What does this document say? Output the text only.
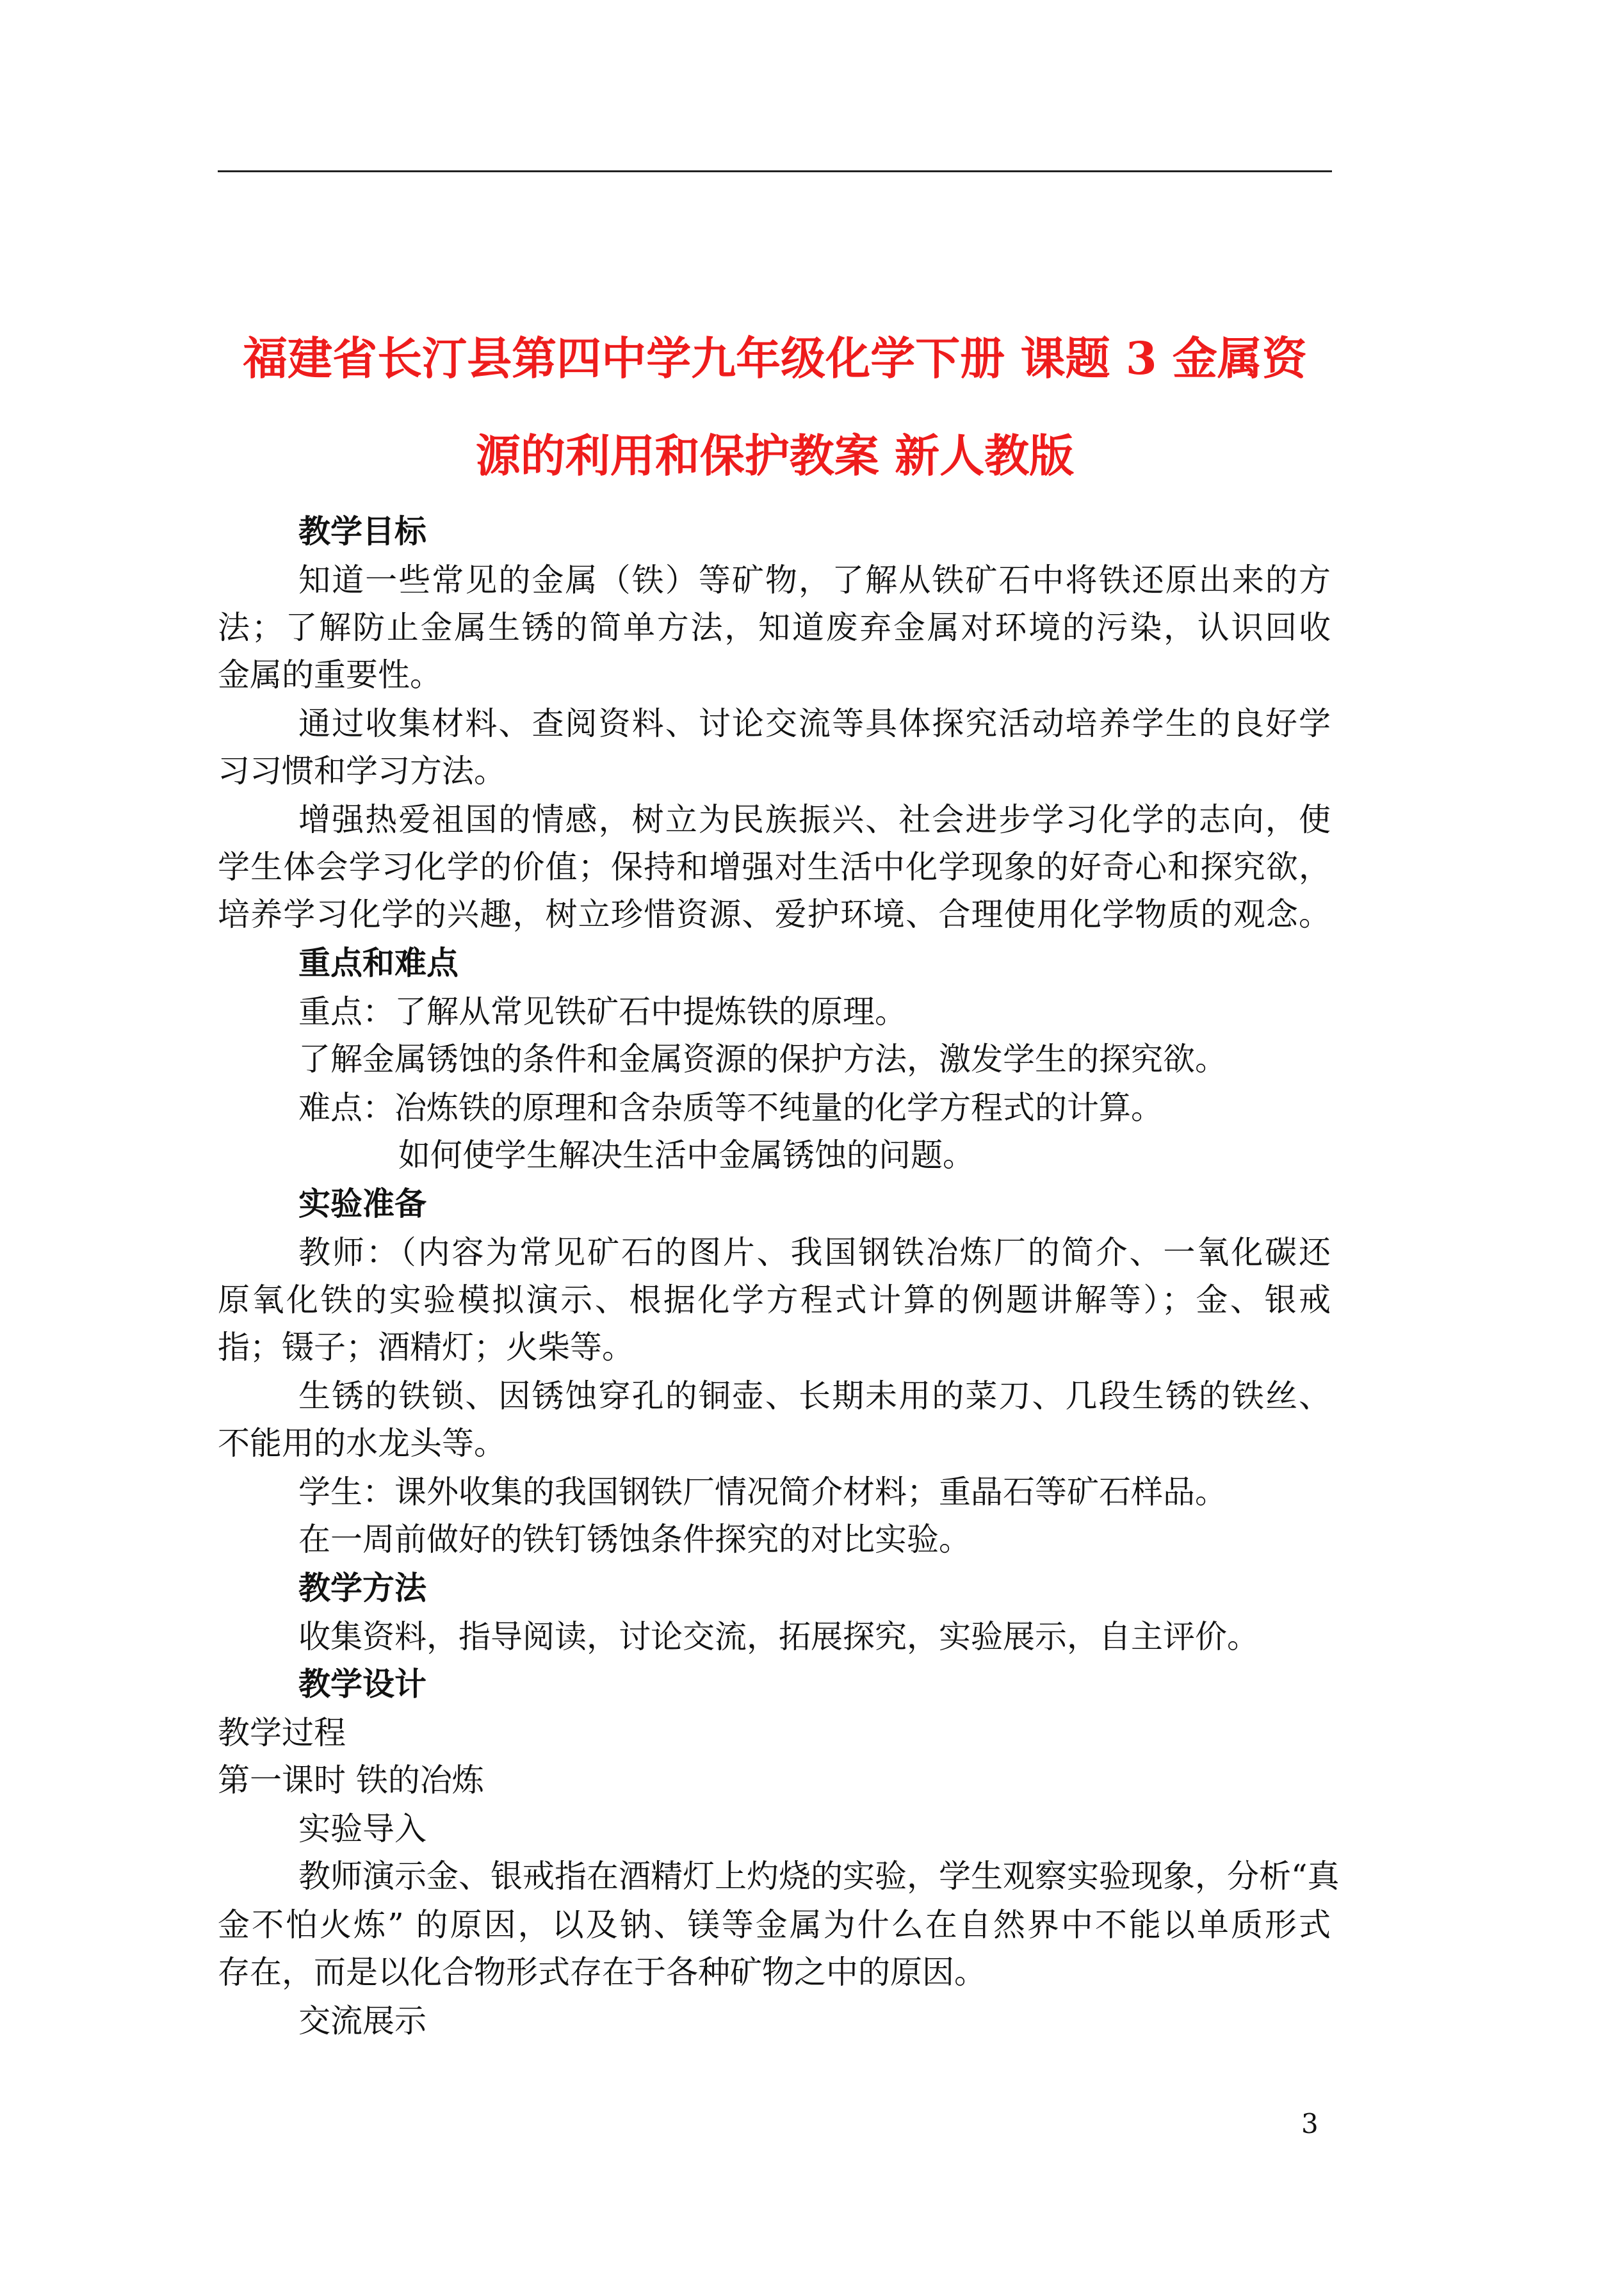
福建省长汀县第四中学九年级化学下册 课题 3 金属资
源的利用和保护教案 新人教版
教学目标
知道一些常见的金属（铁）等矿物，了解从铁矿石中将铁还原出来的方
法；了解防止金属生锈的简单方法，知道废弃金属对环境的污染，认识回收
金属的重要性。
通过收集材料、查阅资料、讨论交流等具体探究活动培养学生的良好学
习习惯和学习方法。
增强热爱祖国的情感，树立为民族振兴、社会进步学习化学的志向，使
学生体会学习化学的价值；保持和增强对生活中化学现象的好奇心和探究欲，
培养学习化学的兴趣，树立珍惜资源、爱护环境、合理使用化学物质的观念。
重点和难点
重点：了解从常见铁矿石中提炼铁的原理。
了解金属锈蚀的条件和金属资源的保护方法，激发学生的探究欲。
难点：冶炼铁的原理和含杂质等不纯量的化学方程式的计算。
如何使学生解决生活中金属锈蚀的问题。
实验准备
教师：（内容为常见矿石的图片、我国钢铁冶炼厂的简介、一氧化碳还
原氧化铁的实验模拟演示、根据化学方程式计算的例题讲解等）；金、银戒
指；镊子；酒精灯；火柴等。
生锈的铁锁、因锈蚀穿孔的铜壶、长期未用的菜刀、几段生锈的铁丝、
不能用的水龙头等。
学生：课外收集的我国钢铁厂情况简介材料；重晶石等矿石样品。
在一周前做好的铁钉锈蚀条件探究的对比实验。
教学方法
收集资料，指导阅读，讨论交流，拓展探究，实验展示，自主评价。
教学设计
教学过程
第一课时 铁的冶炼
实验导入
教师演示金、银戒指在酒精灯上灼烧的实验，学生观察实验现象，分析“真
金不怕火炼” 的原因，以及钠、镁等金属为什么在自然界中不能以单质形式
存在，而是以化合物形式存在于各种矿物之中的原因。
交流展示
3
